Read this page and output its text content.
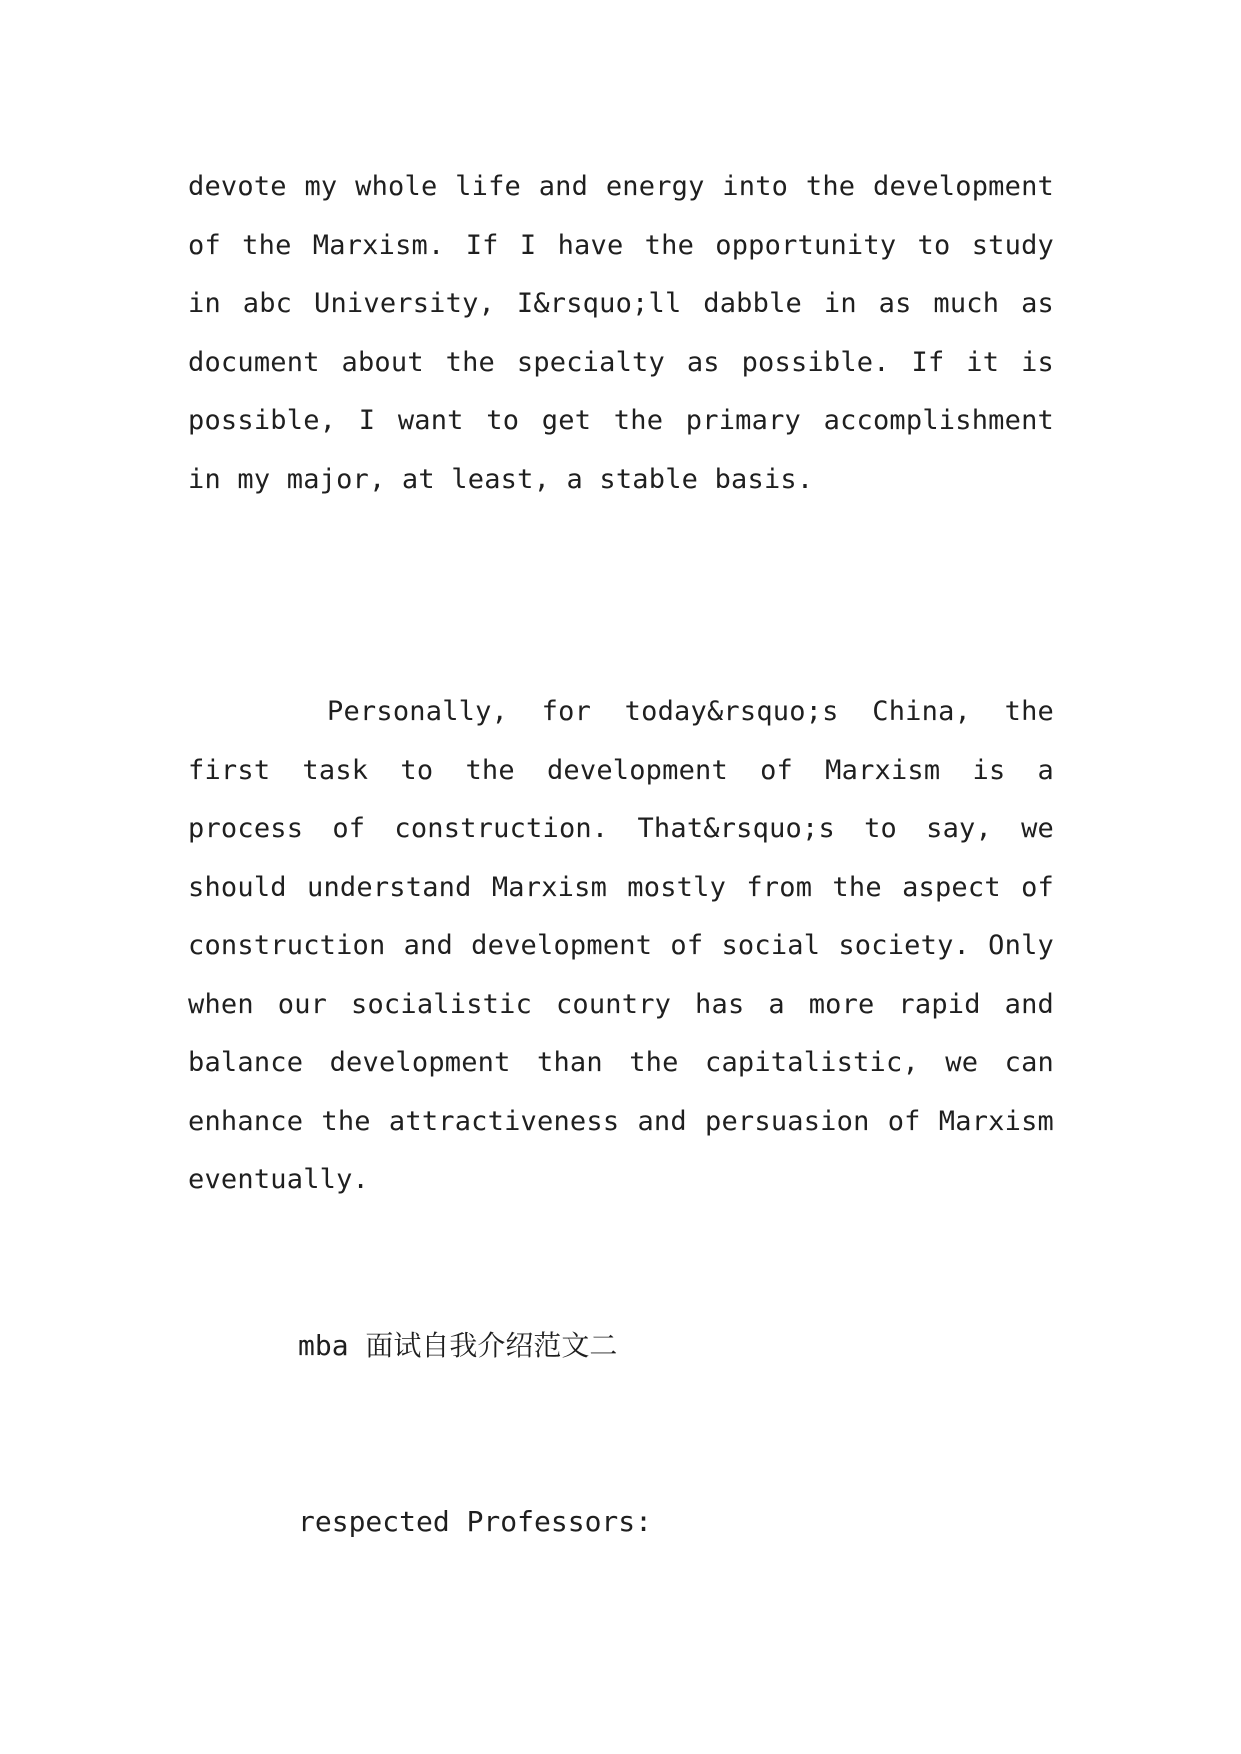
devote my whole life and energy into the development of the Marxism. If I have the opportunity to study in abc University, I&rsquo;ll dabble in as much as document about the specialty as possible. If it is possible, I want to get the primary accomplishment in my major, at least, a stable basis.

Personally, for today&rsquo;s China, the first task to the development of Marxism is a process of construction. That&rsquo;s to say, we should understand Marxism mostly from the aspect of construction and development of social society. Only when our socialistic country has a more rapid and balance development than the capitalistic, we can enhance the attractiveness and persuasion of Marxism eventually.

mba 面试自我介绍范文二

respected Professors:
